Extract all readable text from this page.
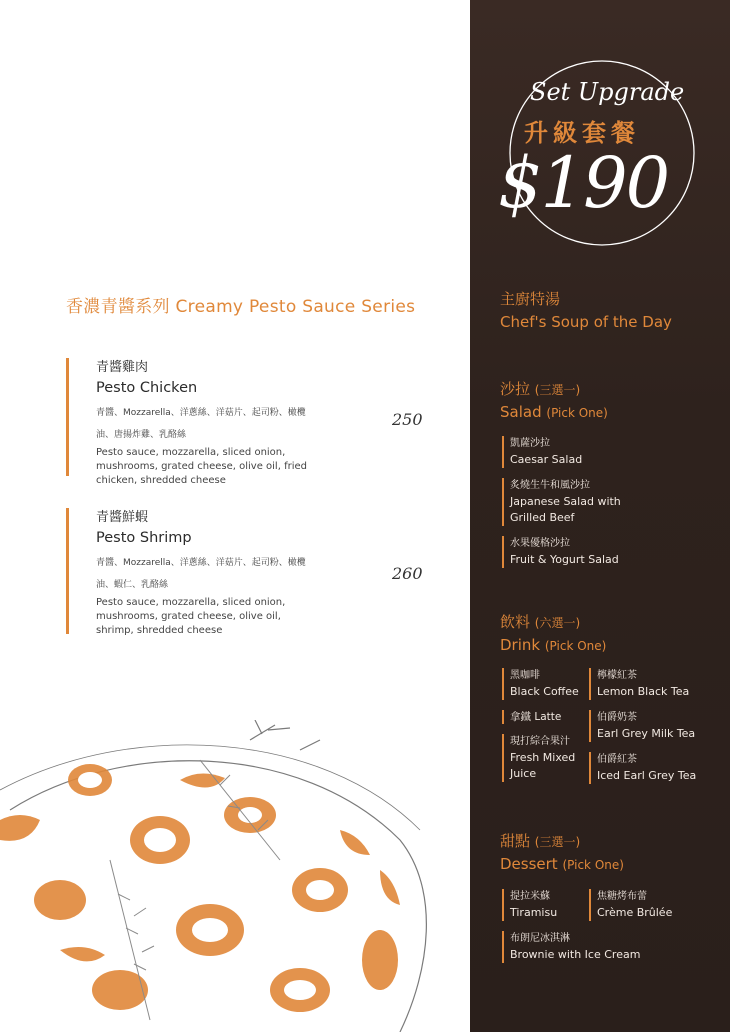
香濃青醬系列 Creamy Pesto Sauce Series
青醬雞肉
Pesto Chicken
青醬、Mozzarella、洋蔥絲、洋菇片、起司粉、橄欖油、唐揚炸雞、乳酪絲
Pesto sauce, mozzarella, sliced onion, mushrooms, grated cheese, olive oil, fried chicken, shredded cheese
250
青醬鮮蝦
Pesto Shrimp
青醬、Mozzarella、洋蔥絲、洋菇片、起司粉、橄欖油、蝦仁、乳酪絲
Pesto sauce, mozzarella, sliced onion, mushrooms, grated cheese, olive oil, shrimp, shredded cheese
260
Set Upgrade
升級套餐
$190
主廚特湯
Chef's Soup of the Day
沙拉 (三選一)
Salad (Pick One)
凱薩沙拉
Caesar Salad
炙燒生牛和風沙拉
Japanese Salad with Grilled Beef
水果優格沙拉
Fruit & Yogurt Salad
飲料 (六選一)
Drink (Pick One)
黑咖啡
Black Coffee
檸檬紅茶
Lemon Black Tea
拿鐵 Latte	伯爵奶茶
Earl Grey Milk Tea
現打綜合果汁
Fresh Mixed Juice
伯爵紅茶
Iced Earl Grey Tea
甜點 (三選一)
Dessert (Pick One)
提拉米蘇
Tiramisu
焦糖烤布蕾
Crème Brûlée
布朗尼冰淇淋
Brownie with Ice Cream
